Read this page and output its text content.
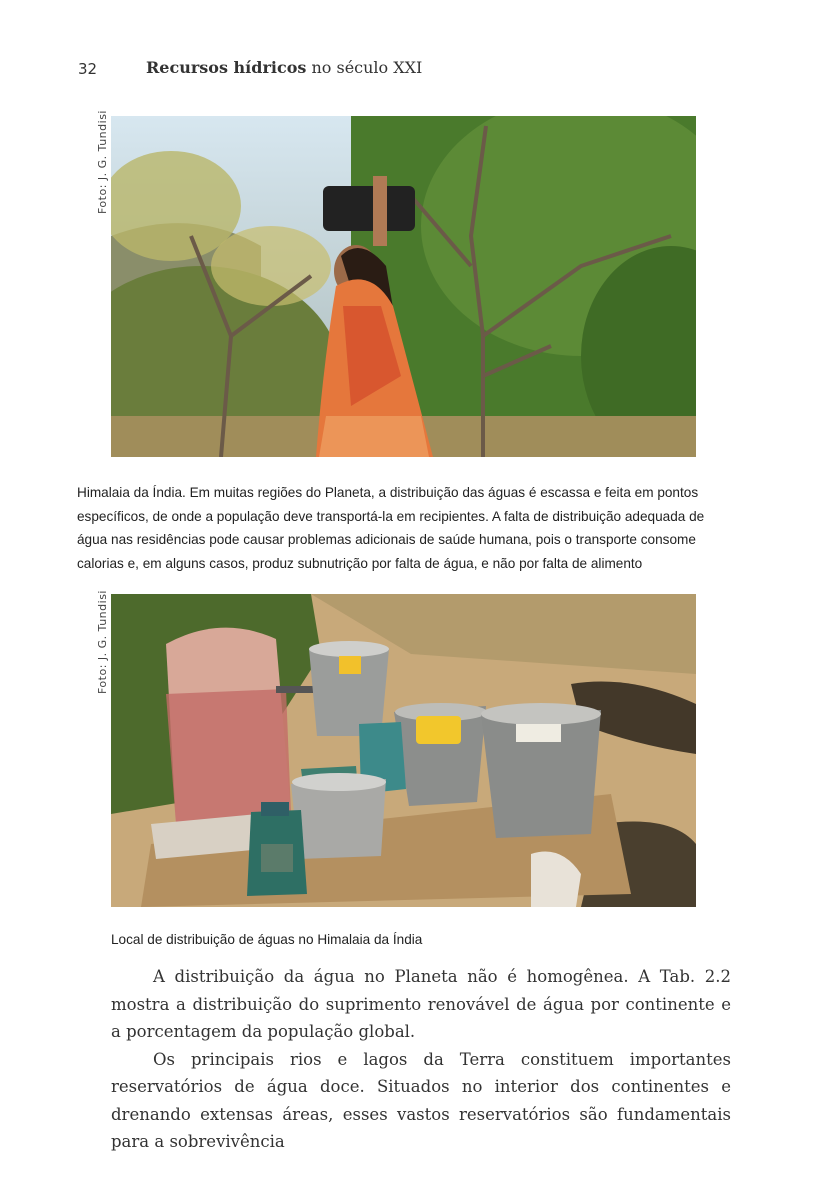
32	Recursos hídricos no século XXI
Foto: J. G. Tundisi
Himalaia da Índia. Em muitas regiões do Planeta, a distribuição das águas é escassa e feita em pontos específicos, de onde a população deve transportá-la em recipientes. A falta de distribuição adequada de água nas residências pode causar problemas adicionais de saúde humana, pois o transporte consome calorias e, em alguns casos, produz subnutrição por falta de água, e não por falta de alimento
Foto: J. G. Tundisi
Local de distribuição de águas no Himalaia da Índia

A distribuição da água no Planeta não é homogênea. A Tab. 2.2 mostra a distribuição do suprimento renovável de água por continente e a porcentagem da população global.

Os principais rios e lagos da Terra constituem importantes reservatórios de água doce. Situados no interior dos continentes e drenando extensas áreas, esses vastos reservatórios são fundamentais para a sobrevivência
